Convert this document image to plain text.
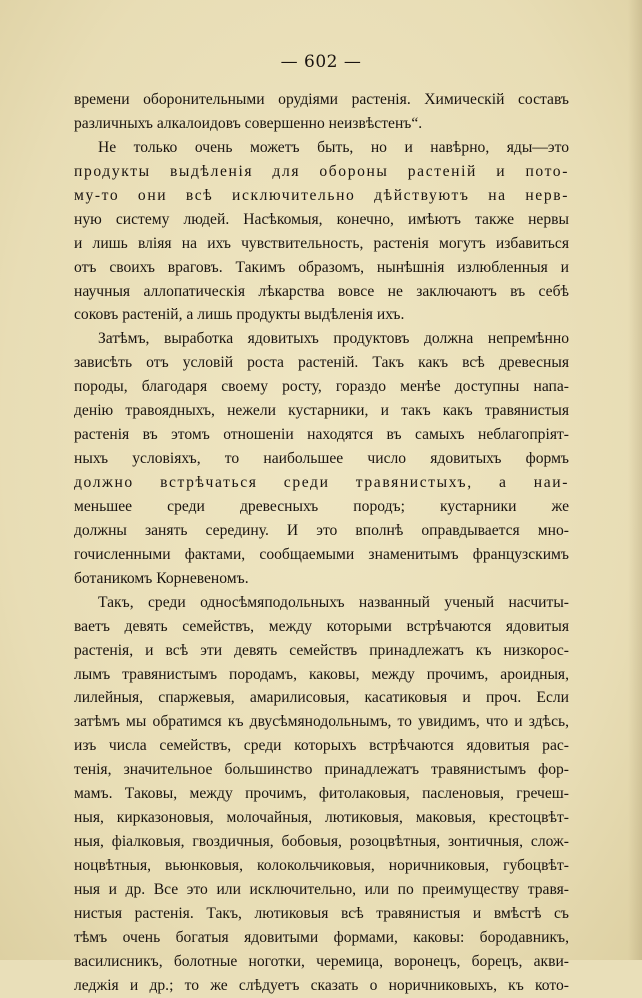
— 602 —
времени оборонительными орудіями растенія. Химическій составъ
различныхъ алкалоидовъ совершенно неизвѣстенъ“.
Не только очень можетъ быть, но и навѣрно, яды—это
продукты выдѣленія для обороны растеній и пото-
му-то они всѣ исключительно дѣйствуютъ на нерв-
ную систему людей. Насѣкомыя, конечно, имѣютъ также нервы
и лишь вліяя на ихъ чувствительность, растенія могутъ избавиться
отъ своихъ враговъ. Такимъ образомъ, нынѣшнія излюбленныя и
научныя аллопатическія лѣкарства вовсе не заключаютъ въ себѣ
соковъ растеній, а лишь продукты выдѣленія ихъ.
Затѣмъ, выработка ядовитыхъ продуктовъ должна непремѣнно
зависѣть отъ условій роста растеній. Такъ какъ всѣ древесныя
породы, благодаря своему росту, гораздо менѣе доступны напа-
денію травоядныхъ, нежели кустарники, и такъ какъ травянистыя
растенія въ этомъ отношеніи находятся въ самыхъ неблагопріят-
ныхъ условіяхъ, то наибольшее число ядовитыхъ формъ
должно встрѣчаться среди травянистыхъ, а наи-
меньшее среди древесныхъ породъ; кустарники же
должны занять середину. И это вполнѣ оправдывается мно-
гочисленными фактами, сообщаемыми знаменитымъ французскимъ
ботаникомъ Корневеномъ.
Такъ, среди односѣмяподольныхъ названный ученый насчиты-
ваетъ девять семействъ, между которыми встрѣчаются ядовитыя
растенія, и всѣ эти девять семействъ принадлежатъ къ низкорос-
лымъ травянистымъ породамъ, каковы, между прочимъ, ароидныя,
лилейныя, спаржевыя, амарилисовыя, касатиковыя и проч. Если
затѣмъ мы обратимся къ двусѣмянодольнымъ, то увидимъ, что и здѣсь,
изъ числа семействъ, среди которыхъ встрѣчаются ядовитыя рас-
тенія, значительное большинство принадлежатъ травянистымъ фор-
мамъ. Таковы, между прочимъ, фитолаковыя, пасленовыя, гречеш-
ныя, кирказоновыя, молочайныя, лютиковыя, маковыя, крестоцвѣт-
ныя, фіалковыя, гвоздичныя, бобовыя, розоцвѣтныя, зонтичныя, слож-
ноцвѣтныя, вьюнковыя, колокольчиковыя, норичниковыя, губоцвѣт-
ныя и др. Все это или исключительно, или по преимуществу травя-
нистыя растенія. Такъ, лютиковыя всѣ травянистыя и вмѣстѣ съ
тѣмъ очень богатыя ядовитыми формами, каковы: бородавникъ,
василисникъ, болотные ноготки, черемица, воронецъ, борецъ, акви-
леджія и др.; то же слѣдуетъ сказать о норичниковыхъ, къ кото-
